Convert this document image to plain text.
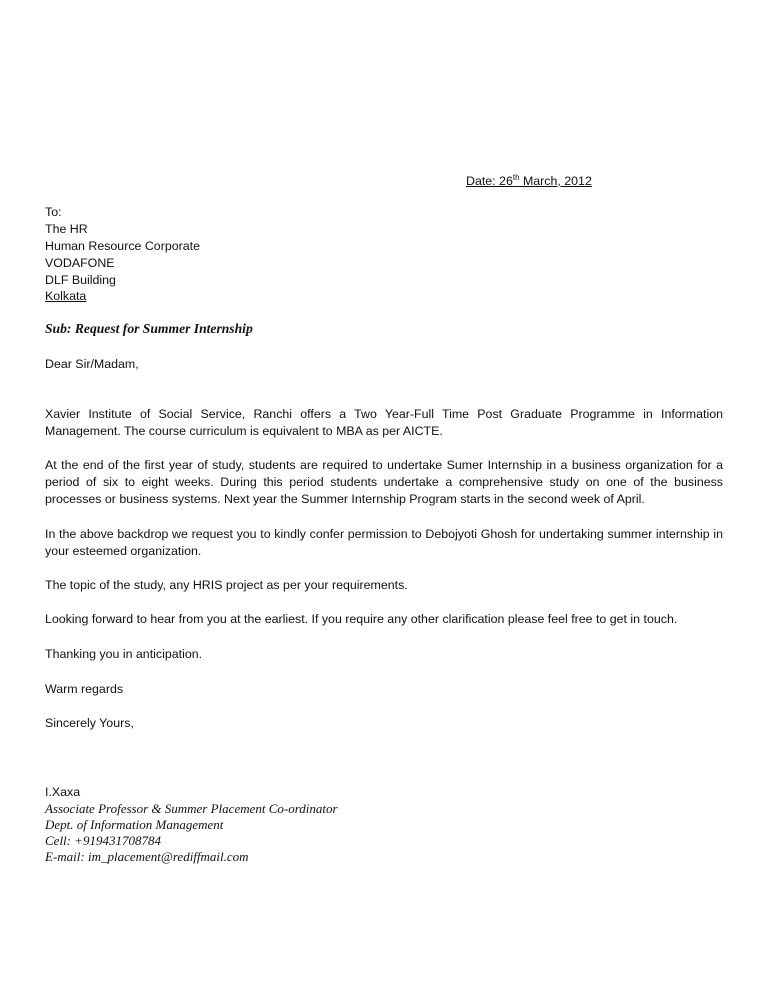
Date: 26th March, 2012
To:
The HR
Human Resource Corporate
VODAFONE
DLF Building
Kolkata
Sub: Request for Summer Internship
Dear Sir/Madam,

Xavier Institute of Social Service, Ranchi offers a Two Year-Full Time Post Graduate Programme in Information Management. The course curriculum is equivalent to MBA as per AICTE.

At the end of the first year of study, students are required to undertake Sumer Internship in a business organization for a period of six to eight weeks. During this period students undertake a comprehensive study on one of the business processes or business systems. Next year the Summer Internship Program starts in the second week of April.

In the above backdrop we request you to kindly confer permission to Debojyoti Ghosh for undertaking summer internship in your esteemed organization.

The topic of the study, any HRIS project as per your requirements.

Looking forward to hear from you at the earliest. If you require any other clarification please feel free to get in touch.

Thanking you in anticipation.

Warm regards
Sincerely Yours,
I.Xaxa
Associate Professor & Summer Placement Co-ordinator
Dept. of Information Management
Cell: +919431708784
E-mail: im_placement@rediffmail.com
